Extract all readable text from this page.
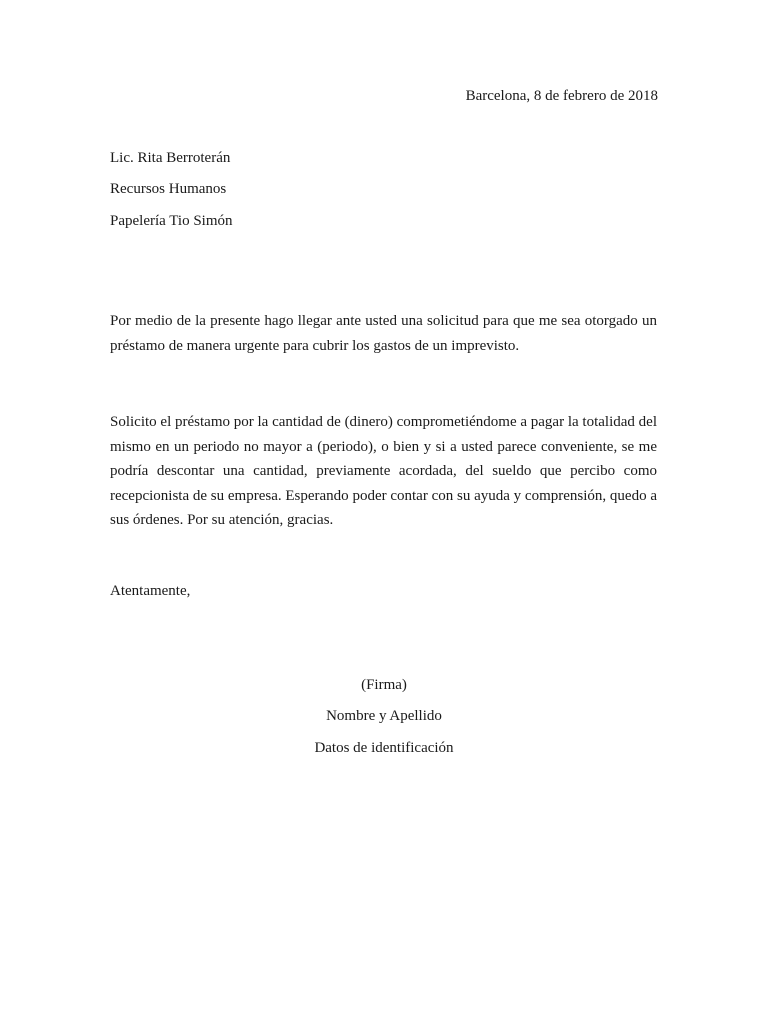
Barcelona, 8 de febrero de 2018
Lic. Rita Berroterán
Recursos Humanos
Papelería Tio Simón
Por medio de la presente hago llegar ante usted una solicitud para que me sea otorgado un préstamo de manera urgente para cubrir los gastos de un imprevisto.
Solicito el préstamo por la cantidad de (dinero) comprometiéndome a pagar la totalidad del mismo en un periodo no mayor a (periodo), o bien y si a usted parece conveniente, se me podría descontar una cantidad, previamente acordada, del sueldo que percibo como recepcionista de su empresa. Esperando poder contar con su ayuda y comprensión, quedo a sus órdenes. Por su atención, gracias.
Atentamente,
(Firma)
Nombre y Apellido
Datos de identificación
